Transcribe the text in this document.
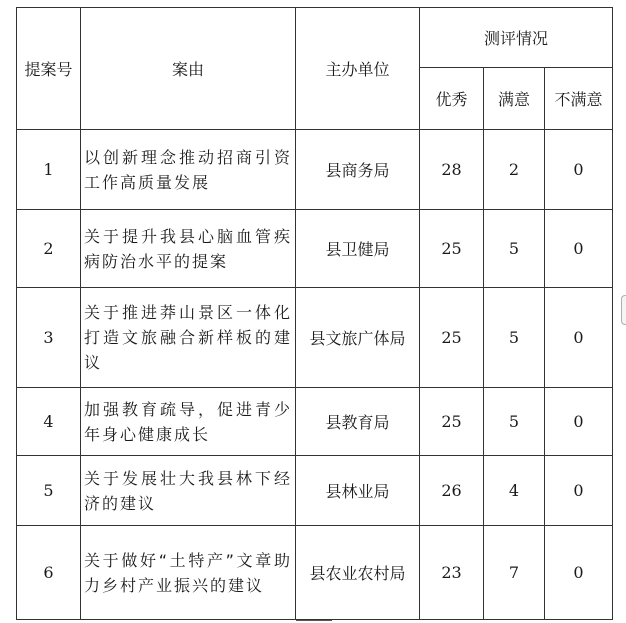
提案号	案由	主办单位	测评情况		
			优秀	满意	不满意
1	以创新理念推动招商引资工作高质量发展	县商务局	28	2	0
2	关于提升我县心脑血管疾病防治水平的提案	县卫健局	25	5	0
3	关于推进莽山景区一体化打造文旅融合新样板的建议	县文旅广体局	25	5	0
4	加强教育疏导，促进青少年身心健康成长	县教育局	25	5	0
5	关于发展壮大我县林下经济的建议	县林业局	26	4	0
6	关于做好“土特产”文章助力乡村产业振兴的建议	县农业农村局	23	7	0
